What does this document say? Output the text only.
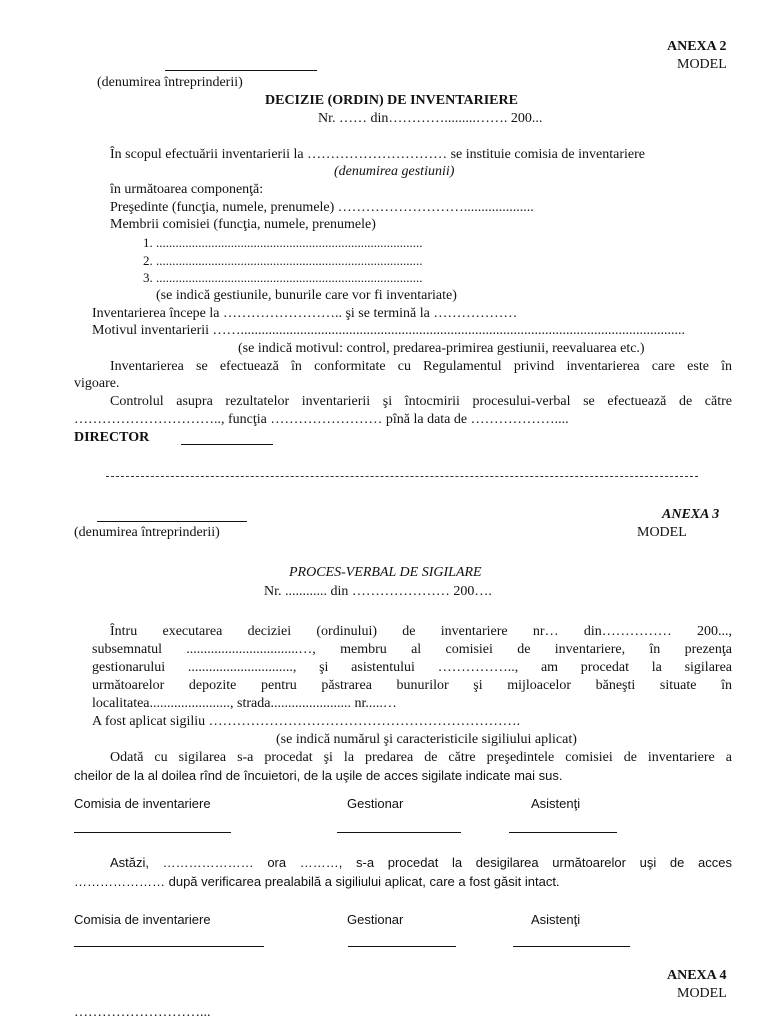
ANEXA 2
MODEL
(denumirea întreprinderii)
DECIZIE (ORDIN) DE INVENTARIERE
Nr. …… din………….........……. 200...
În scopul efectuării inventarierii la ………………………… se instituie comisia de inventariere
(denumirea gestiunii)
în următoarea componenţă:
Preşedinte (funcţia, numele, prenumele) ………………………....................
Membrii comisiei (funcţia, numele, prenumele)
1. ..................................................................................
2. ..................................................................................
3. ..................................................................................
(se indică gestiunile, bunurile care vor fi inventariate)
Inventarierea începe la …………………….. şi se termină la ………………
Motivul inventarierii ……...............................................................................................................................
(se indică motivul: control, predarea-primirea gestiunii, reevaluarea etc.)
Inventarierea se efectuează în conformitate cu Regulamentul privind inventarierea care este în
vigoare.
Controlul asupra rezultatelor inventarierii şi întocmirii procesului-verbal se efectuează de către
………………………….., funcţia …………………… pînă la data de ………………....
DIRECTOR
ANEXA 3
(denumirea întreprinderii)	MODEL
PROCES-VERBAL DE SIGILARE
Nr. ............ din ………………… 200….
Întru executarea deciziei (ordinului) de inventariere nr… din…………… 200...,
subsemnatul ................................…, membru al comisiei de inventariere, în prezenţa
gestionarului .............................., şi asistentului …………….., am procedat la sigilarea
următoarelor depozite pentru păstrarea bunurilor şi mijloacelor băneşti situate în
localitatea......................., strada....................... nr.....…
A fost aplicat sigiliu ………………………………………………………….
(se indică numărul şi caracteristicile sigiliului aplicat)
Odată cu sigilarea s-a procedat şi la predarea de către preşedintele comisiei de inventariere a
cheilor de la al doilea rînd de încuietori, de la uşile de acces sigilate indicate mai sus.
Comisia de inventariere	Gestionar	Asistenţi
Astăzi, ………………… ora ………, s-a procedat la desigilarea următoarelor uşi de acces
………………… după verificarea prealabilă a sigiliului aplicat, care a fost găsit intact.
Comisia de inventariere	Gestionar	Asistenţi
ANEXA 4
MODEL
………………………...
